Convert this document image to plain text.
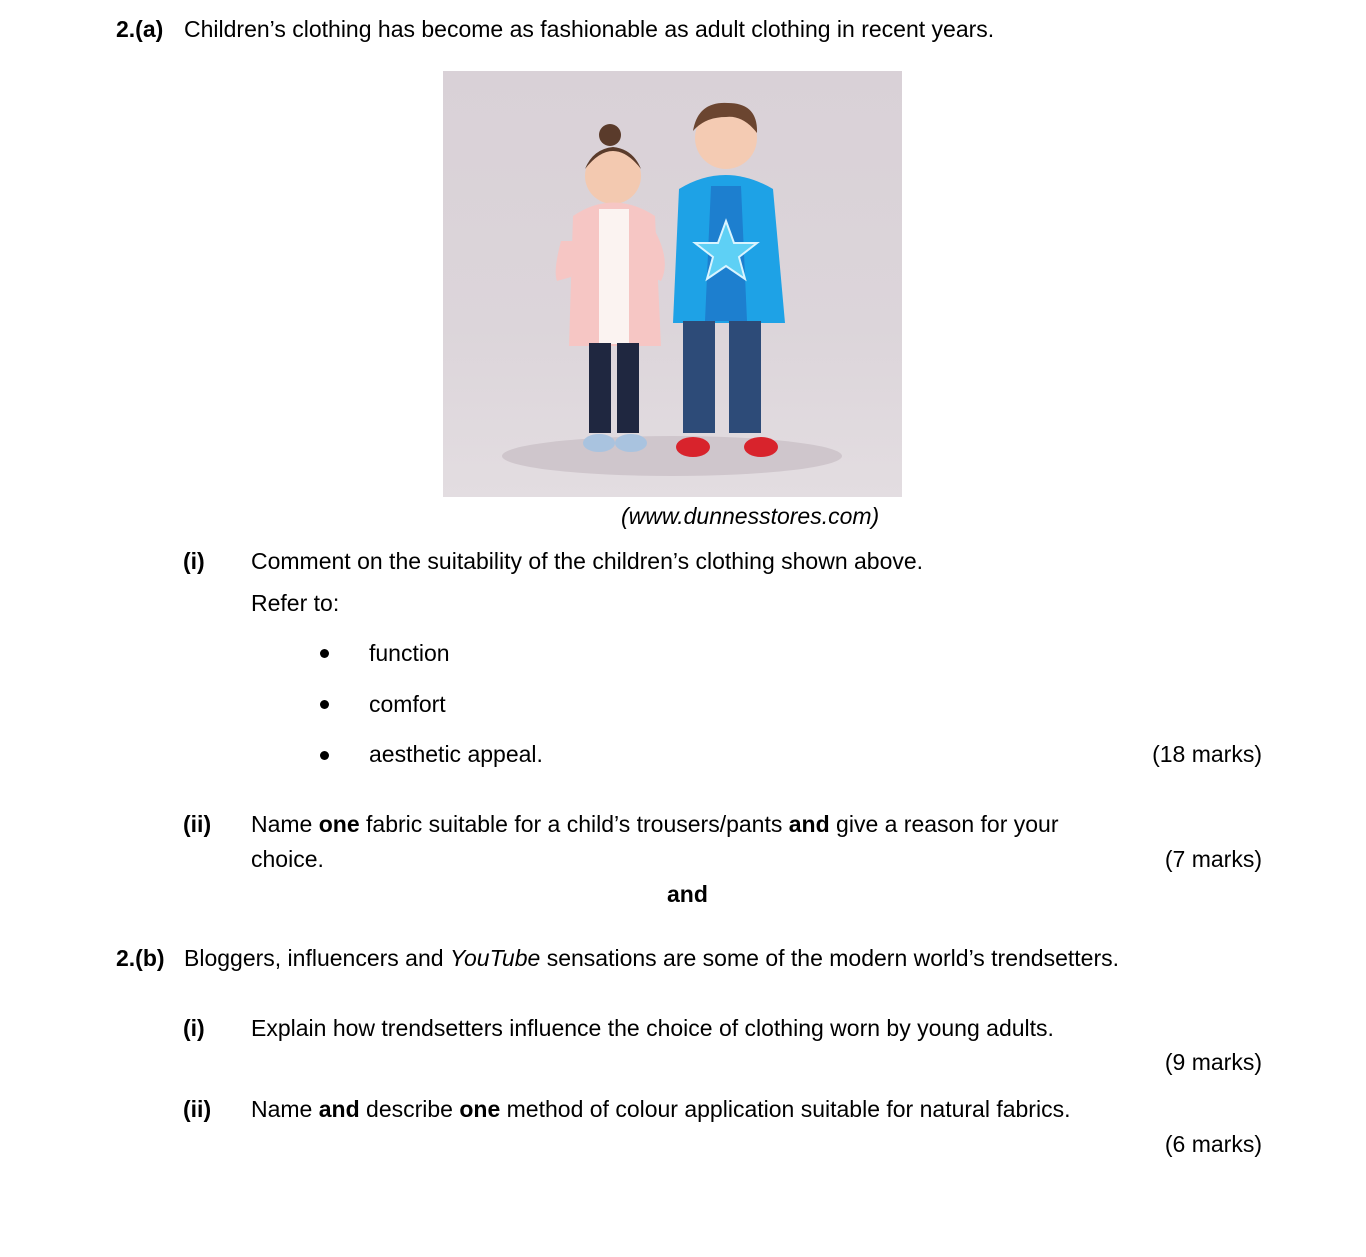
2.(a) Children’s clothing has become as fashionable as adult clothing in recent years.
(www.dunnesstores.com)
(i) Comment on the suitability of the children’s clothing shown above.
Refer to:
function
comfort
aesthetic appeal.	(18 marks)
(ii) Name one fabric suitable for a child’s trousers/pants and give a reason for your
choice.	(7 marks)
and
2.(b) Bloggers, influencers and YouTube sensations are some of the modern world’s trendsetters.
(i) Explain how trendsetters influence the choice of clothing worn by young adults.
(9 marks)
(ii) Name and describe one method of colour application suitable for natural fabrics.
(6 marks)
